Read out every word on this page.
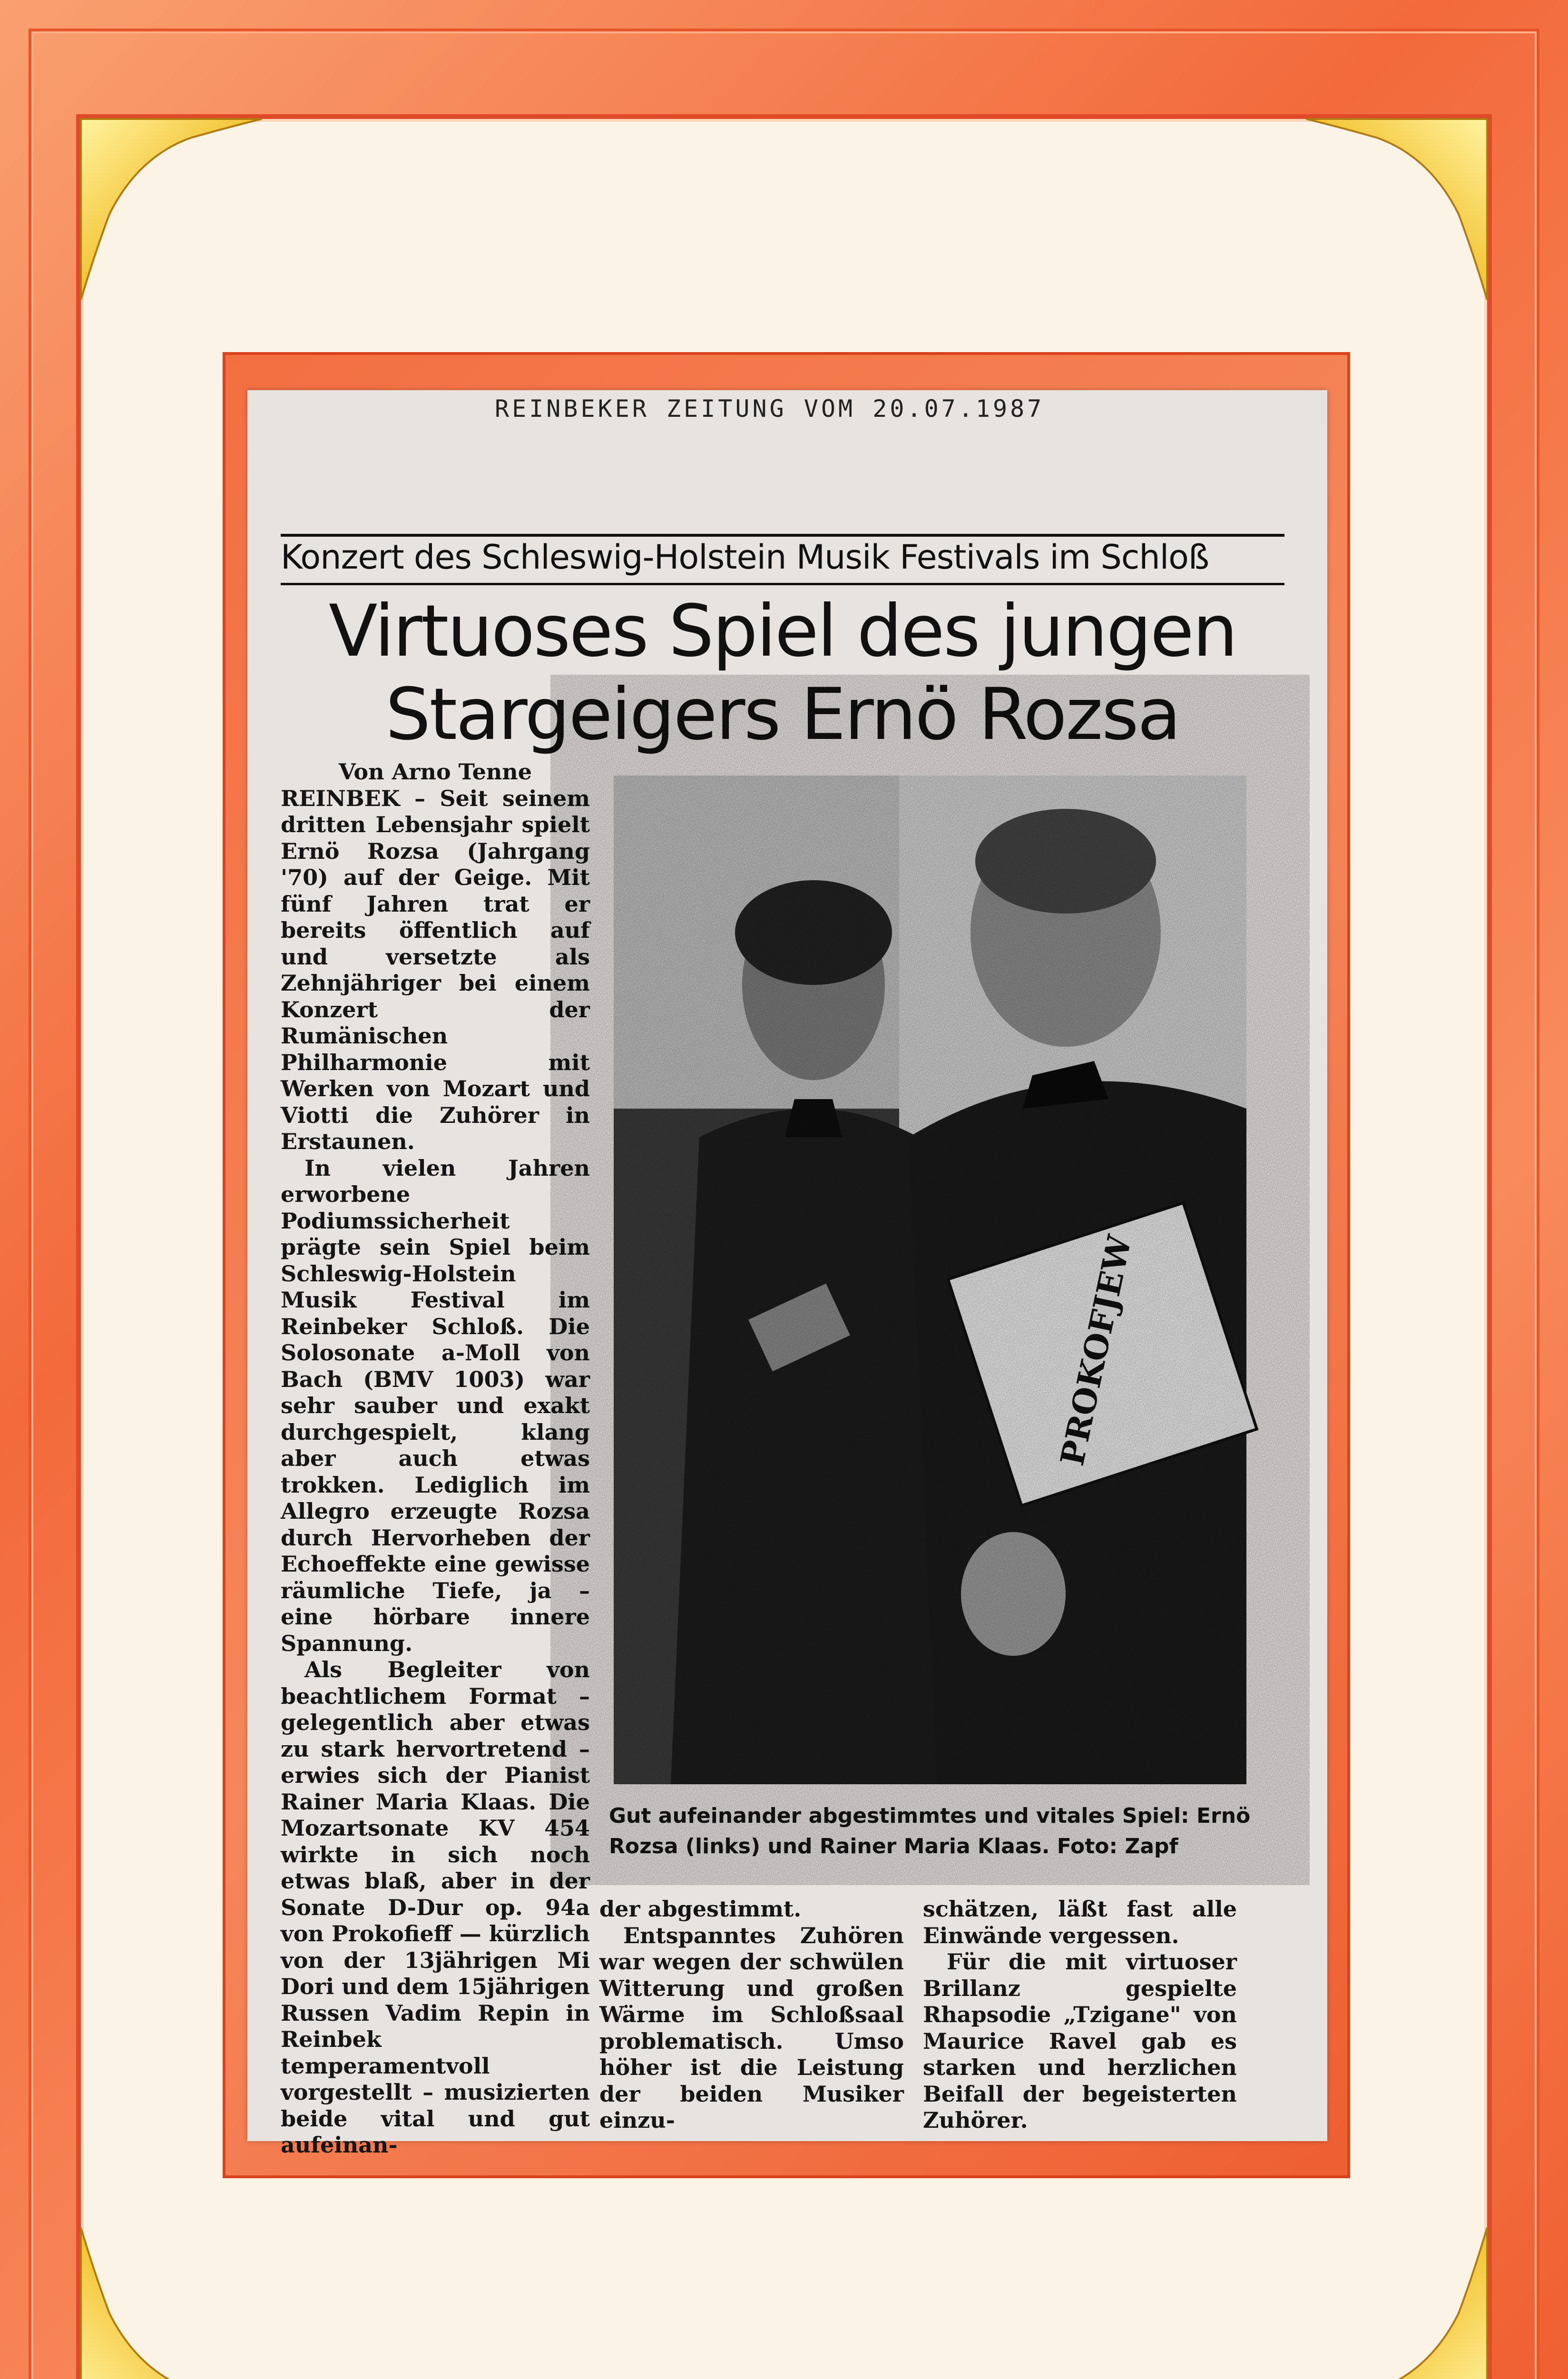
REINBEKER ZEITUNG VOM 20.07.1987
Konzert des Schleswig-Holstein Musik Festivals im Schloß
Virtuoses Spiel des jungen
Stargeigers Ernö Rozsa
Von Arno Tenne

REINBEK – Seit seinem dritten Lebensjahr spielt Ernö Rozsa (Jahrgang '70) auf der Geige. Mit fünf Jahren trat er bereits öffentlich auf und versetzte als Zehnjähriger bei einem Konzert der Rumänischen Philharmonie mit Werken von Mozart und Viotti die Zuhörer in Erstaunen.

In vielen Jahren erworbene Podiumssicherheit prägte sein Spiel beim Schleswig-Holstein Musik Festival im Reinbeker Schloß. Die Solosonate a-Moll von Bach (BMV 1003) war sehr sauber und exakt durchgespielt, klang aber auch etwas trokken. Lediglich im Allegro erzeugte Rozsa durch Hervorheben der Echoeffekte eine gewisse räumliche Tiefe, ja – eine hörbare innere Spannung.

Als Begleiter von beachtlichem Format – gelegentlich aber etwas zu stark hervortretend – erwies sich der Pianist Rainer Maria Klaas. Die Mozartsonate KV 454 wirkte in sich noch etwas blaß, aber in der Sonate D-Dur op. 94a von Prokofieff — kürzlich von der 13jährigen Mi Dori und dem 15jährigen Russen Vadim Repin in Reinbek temperamentvoll vorgestellt – musizierten beide vital und gut aufeinan-

Gut aufeinander abgestimmtes und vitales Spiel: Ernö Rozsa (links) und Rainer Maria Klaas. Foto: Zapf

der abgestimmt.

Entspanntes Zuhören war wegen der schwülen Witterung und großen Wärme im Schloßsaal problematisch. Umso höher ist die Leistung der beiden Musiker einzu-

schätzen, läßt fast alle Einwände vergessen.

Für die mit virtuoser Brillanz gespielte Rhapsodie „Tzigane" von Maurice Ravel gab es starken und herzlichen Beifall der begeisterten Zuhörer.
